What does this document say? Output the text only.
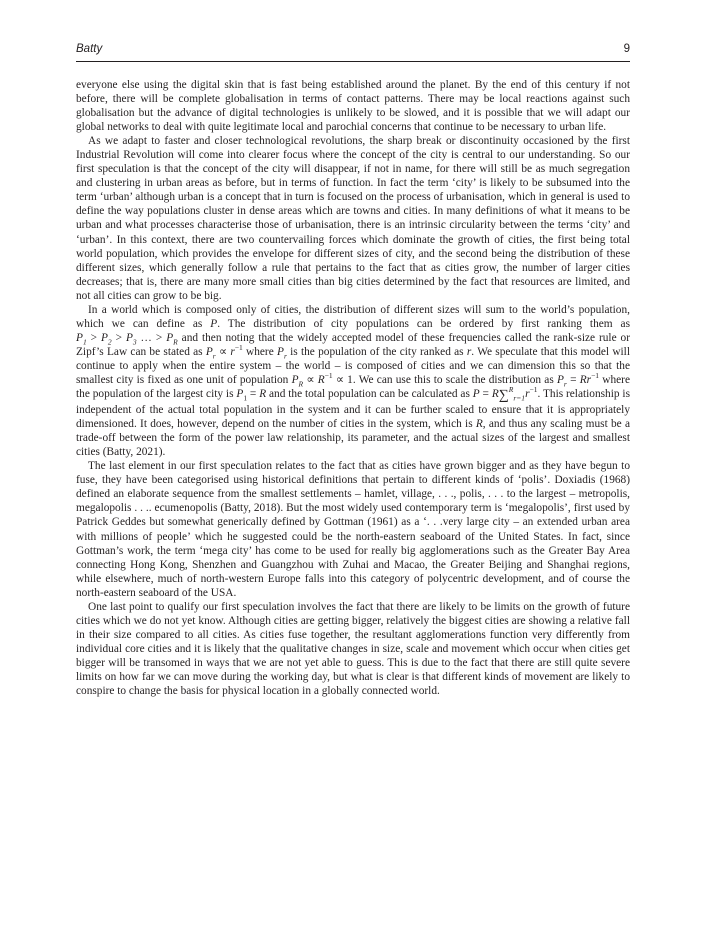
Batty	9

everyone else using the digital skin that is fast being established around the planet. By the end of this century if not before, there will be complete globalisation in terms of contact patterns. There may be local reactions against such globalisation but the advance of digital technologies is unlikely to be slowed, and it is possible that we will adapt our global networks to deal with quite legitimate local and parochial concerns that continue to be necessary to urban life.

As we adapt to faster and closer technological revolutions, the sharp break or discontinuity occasioned by the first Industrial Revolution will come into clearer focus where the concept of the city is central to our understanding. So our first speculation is that the concept of the city will disappear, if not in name, for there will still be as much segregation and clustering in urban areas as before, but in terms of function. In fact the term ‘city’ is likely to be subsumed into the term ‘urban’ although urban is a concept that in turn is focused on the process of urbanisation, which in general is used to define the way populations cluster in dense areas which are towns and cities. In many definitions of what it means to be urban and what processes characterise those of urbanisation, there is an intrinsic circularity between the terms ‘city’ and ‘urban’. In this context, there are two countervailing forces which dominate the growth of cities, the first being total world population, which provides the envelope for different sizes of city, and the second being the distribution of these different sizes, which generally follow a rule that pertains to the fact that as cities grow, the number of larger cities decreases; that is, there are many more small cities than big cities determined by the fact that resources are limited, and not all cities can grow to be big.

In a world which is composed only of cities, the distribution of different sizes will sum to the world’s population, which we can define as P. The distribution of city populations can be ordered by first ranking them as $P_1 > P_2 > P_3$ … > $P_R$ and then noting that the widely accepted model of these frequencies called the rank-size rule or Zipf’s Law can be stated as $P_r \propto r^{-1}$ where $P_r$ is the population of the city ranked as r. We speculate that this model will continue to apply when the entire system – the world – is composed of cities and we can dimension this so that the smallest city is fixed as one unit of population $P_R \propto R^{-1} \propto 1$. We can use this to scale the distribution as $P_r = Rr^{-1}$ where the population of the largest city is $P_1 = R$ and the total population can be calculated as $P = R\sum^R_{r=1}r^{-1}$. This relationship is independent of the actual total population in the system and it can be further scaled to ensure that it is appropriately dimensioned. It does, however, depend on the number of cities in the system, which is R, and thus any scaling must be a trade-off between the form of the power law relationship, its parameter, and the actual sizes of the largest and smallest cities (Batty, 2021).

The last element in our first speculation relates to the fact that as cities have grown bigger and as they have begun to fuse, they have been categorised using historical definitions that pertain to different kinds of ‘polis’. Doxiadis (1968) defined an elaborate sequence from the smallest settlements – hamlet, village, . . ., polis, . . . to the largest – metropolis, megalopolis . . .. ecumenopolis (Batty, 2018). But the most widely used contemporary term is ‘megalopolis’, first used by Patrick Geddes but somewhat generically defined by Gottman (1961) as a ‘. . .very large city – an extended urban area with millions of people’ which he suggested could be the north-eastern seaboard of the United States. In fact, since Gottman’s work, the term ‘mega city’ has come to be used for really big agglomerations such as the Greater Bay Area connecting Hong Kong, Shenzhen and Guangzhou with Zuhai and Macao, the Greater Beijing and Shanghai regions, while elsewhere, much of north-western Europe falls into this category of polycentric development, and of course the north-eastern seaboard of the USA.

One last point to qualify our first speculation involves the fact that there are likely to be limits on the growth of future cities which we do not yet know. Although cities are getting bigger, relatively the biggest cities are showing a relative fall in their size compared to all cities. As cities fuse together, the resultant agglomerations function very differently from individual core cities and it is likely that the qualitative changes in size, scale and movement which occur when cities get bigger will be transomed in ways that we are not yet able to guess. This is due to the fact that there are still quite severe limits on how far we can move during the working day, but what is clear is that different kinds of movement are likely to conspire to change the basis for physical location in a globally connected world.
